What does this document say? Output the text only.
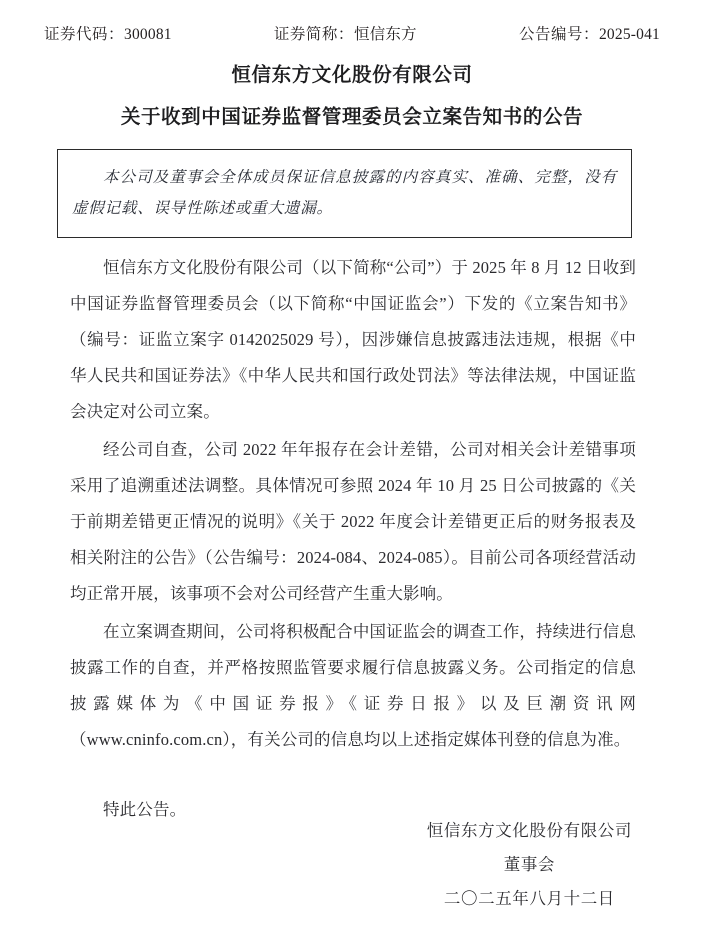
证券代码：300081	证券简称：恒信东方	公告编号：2025-041
恒信东方文化股份有限公司
关于收到中国证券监督管理委员会立案告知书的公告

本公司及董事会全体成员保证信息披露的内容真实、准确、完整，没有虚假记载、误导性陈述或重大遗漏。

恒信东方文化股份有限公司（以下简称“公司”）于 2025 年 8 月 12 日收到中国证券监督管理委员会（以下简称“中国证监会”）下发的《立案告知书》（编号：证监立案字 0142025029 号），因涉嫌信息披露违法违规，根据《中华人民共和国证券法》《中华人民共和国行政处罚法》等法律法规，中国证监会决定对公司立案。

经公司自查，公司 2022 年年报存在会计差错，公司对相关会计差错事项采用了追溯重述法调整。具体情况可参照 2024 年 10 月 25 日公司披露的《关于前期差错更正情况的说明》《关于 2022 年度会计差错更正后的财务报表及相关附注的公告》（公告编号：2024-084、2024-085）。目前公司各项经营活动均正常开展，该事项不会对公司经营产生重大影响。

在立案调查期间，公司将积极配合中国证监会的调查工作，持续进行信息披露工作的自查，并严格按照监管要求履行信息披露义务。公司指定的信息披露媒体为《中国证券报》《证券日报》以及巨潮资讯网（www.cninfo.com.cn），有关公司的信息均以上述指定媒体刊登的信息为准。

特此公告。

恒信东方文化股份有限公司
董事会
二〇二五年八月十二日
